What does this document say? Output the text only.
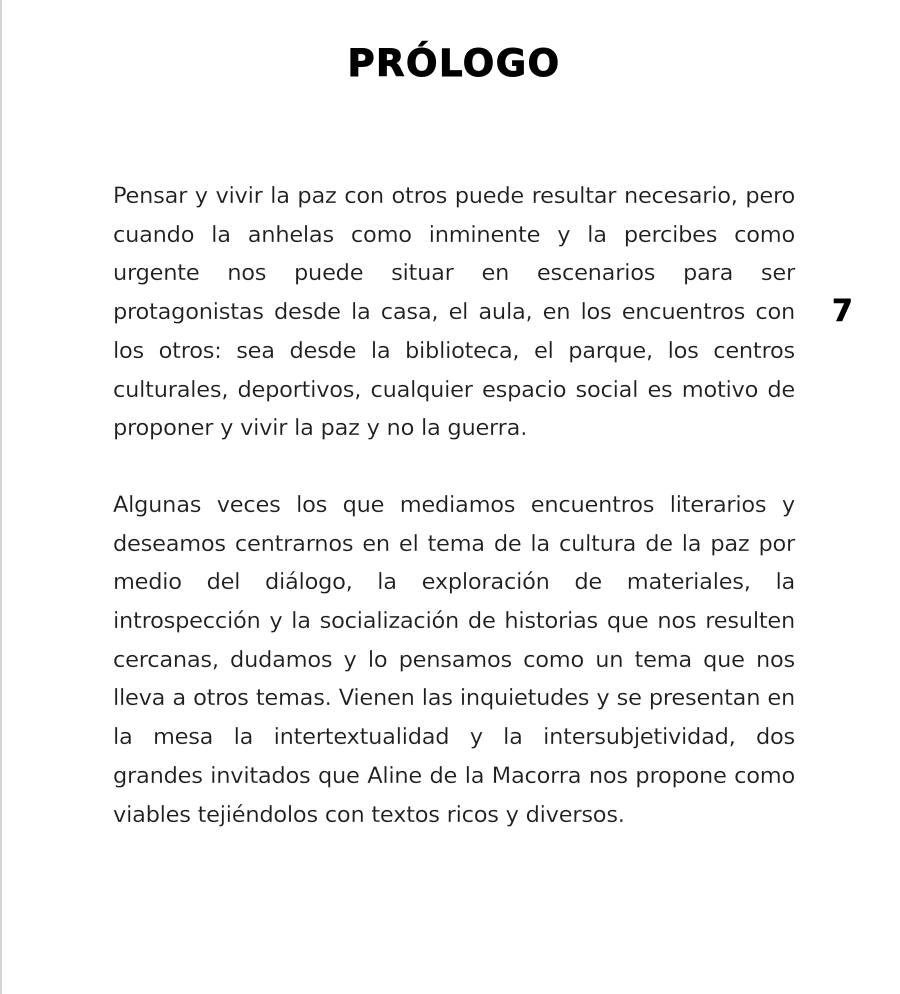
PRÓLOGO
7

Pensar y vivir la paz con otros puede resultar necesario, pero cuando la anhelas como inminente y la percibes como urgente nos puede situar en escenarios para ser protagonistas desde la casa, el aula, en los encuentros con los otros: sea desde la biblioteca, el parque, los centros culturales, deportivos, cualquier espacio social es motivo de proponer y vivir la paz y no la guerra.

Algunas veces los que mediamos encuentros literarios y deseamos centrarnos en el tema de la cultura de la paz por medio del diálogo, la exploración de materiales, la introspección y la socialización de historias que nos resulten cercanas, dudamos y lo pensamos como un tema que nos lleva a otros temas. Vienen las inquietudes y se presentan en la mesa la intertextualidad y la intersubjetividad, dos grandes invitados que Aline de la Macorra nos propone como viables tejiéndolos con textos ricos y diversos.
